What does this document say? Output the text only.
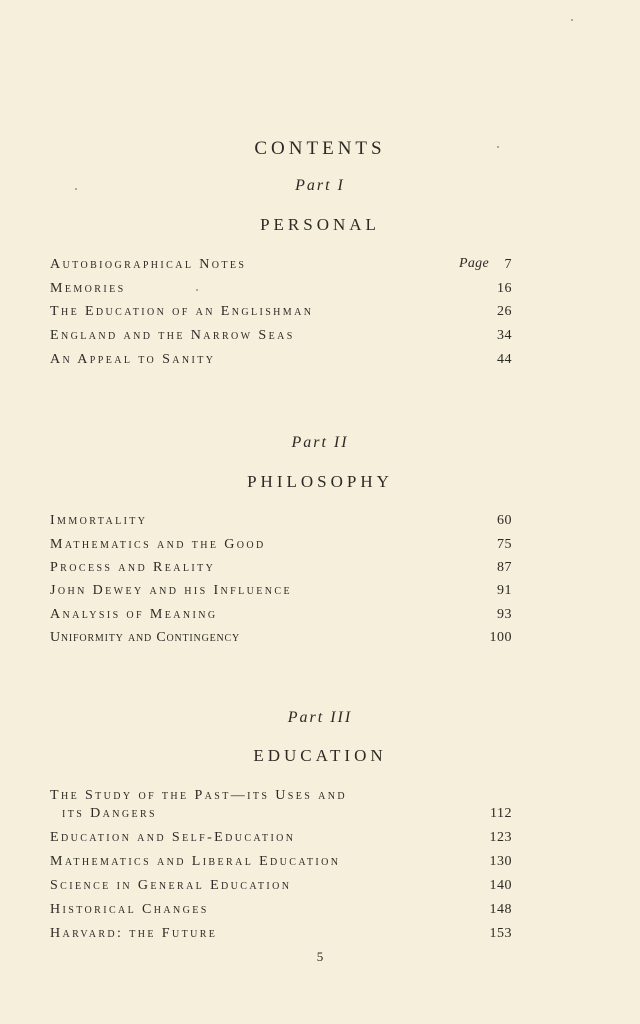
CONTENTS
Part I
PERSONAL
Page
Autobiographical Notes	7
Memories	16
The Education of an Englishman	26
England and the Narrow Seas	34
An Appeal to Sanity	44
Part II
PHILOSOPHY
Immortality	60
Mathematics and the Good	75
Process and Reality	87
John Dewey and his Influence	91
Analysis of Meaning	93
Uniformity and Contingency	100
Part III
EDUCATION
The Study of the Past—its Uses and
its Dangers	112
Education and Self-Education	123
Mathematics and Liberal Education	130
Science in General Education	140
Historical Changes	148
Harvard: the Future	153
5
